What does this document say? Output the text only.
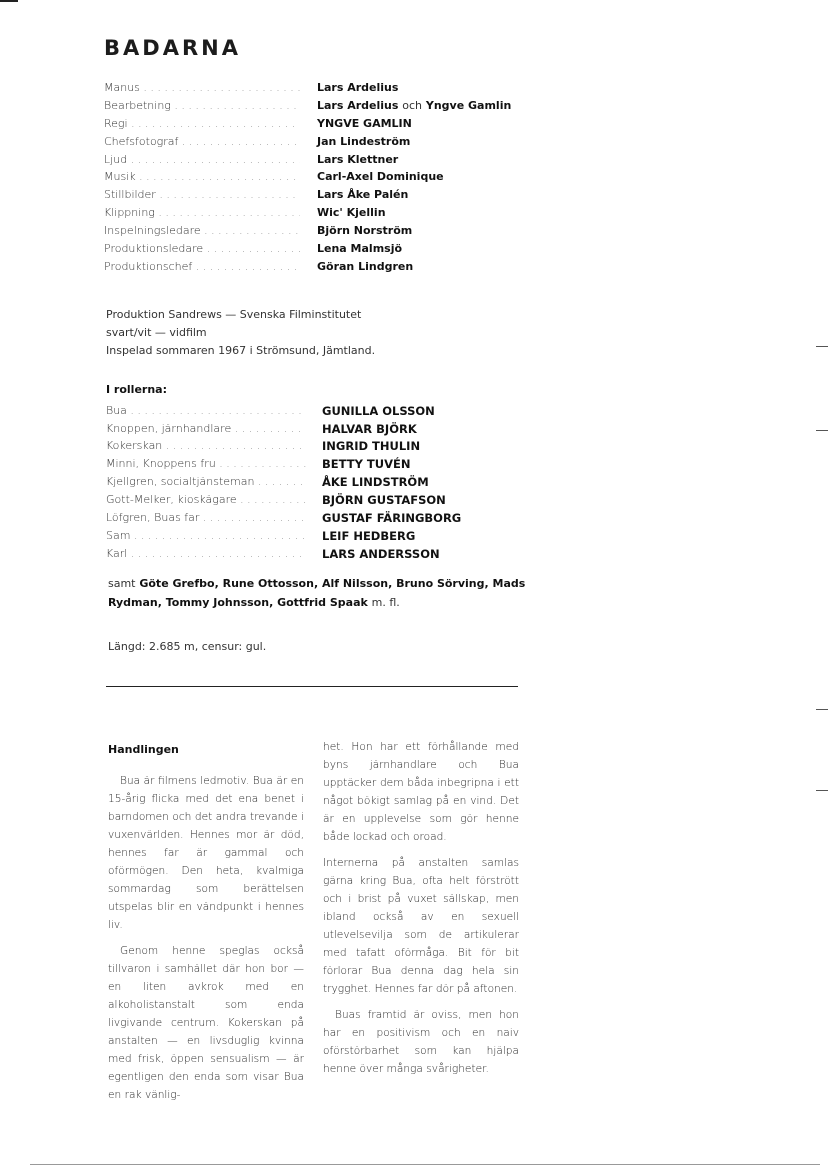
BADARNA
Manus . . .	Lars Ardelius
Bearbetning . . .	Lars Ardelius och Yngve Gamlin
Regi . . .	YNGVE GAMLIN
Chefsfotograf . . .	Jan Lindeström
Ljud . . .	Lars Klettner
Musik . . .	Carl-Axel Dominique
Stillbilder . . .	Lars Åke Palén
Klippning . . .	Wic' Kjellin
Inspelningsledare . . .	Björn Norström
Produktionsledare . . .	Lena Malmsjö
Produktionschef . . .	Göran Lindgren
Produktion Sandrews — Svenska Filminstitutet
svart/vit — vidfilm
Inspelad sommaren 1967 i Strömsund, Jämtland.
I rollerna:
Bua . . .	GUNILLA OLSSON
Knoppen, järnhandlare . . .	HALVAR BJÖRK
Kokerskan . . .	INGRID THULIN
Minni, Knoppens fru . . .	BETTY TUVÉN
Kjellgren, socialtjänsteman . . .	ÅKE LINDSTRÖM
Gott-Melker, kioskägare . . .	BJÖRN GUSTAFSON
Löfgren, Buas far . . .	GUSTAF FÄRINGBORG
Sam . . .	LEIF HEDBERG
Karl . . .	LARS ANDERSSON
samt Göte Grefbo, Rune Ottosson, Alf Nilsson, Bruno Sörving, Mads Rydman, Tommy Johnsson, Gottfrid Spaak m. fl.
Längd: 2.685 m, censur: gul.
Handlingen

Bua är filmens ledmotiv. Bua är en 15-årig flicka med det ena benet i barndomen och det andra trevande i vuxenvärlden. Hennes mor är död, hennes far är gammal och oförmögen. Den heta, kvalmiga sommardag som berättelsen utspelas blir en vändpunkt i hennes liv.

Genom henne speglas också tillvaron i samhället där hon bor — en liten avkrok med en alkoholistanstalt som enda livgivande centrum. Kokerskan på anstalten — en livsduglig kvinna med frisk, öppen sensualism — är egentligen den enda som visar Bua en rak vänlig-

het. Hon har ett förhållande med byns järnhandlare och Bua upptäcker dem båda inbegripna i ett något bökigt samlag på en vind. Det är en upplevelse som gör henne både lockad och oroad.

Internerna på anstalten samlas gärna kring Bua, ofta helt förstrött och i brist på vuxet sällskap, men ibland också av en sexuell utlevelsevilja som de artikulerar med tafatt oförmåga. Bit för bit förlorar Bua denna dag hela sin trygghet. Hennes far dör på aftonen.

Buas framtid är oviss, men hon har en positivism och en naiv oförstörbarhet som kan hjälpa henne över många svårigheter.
